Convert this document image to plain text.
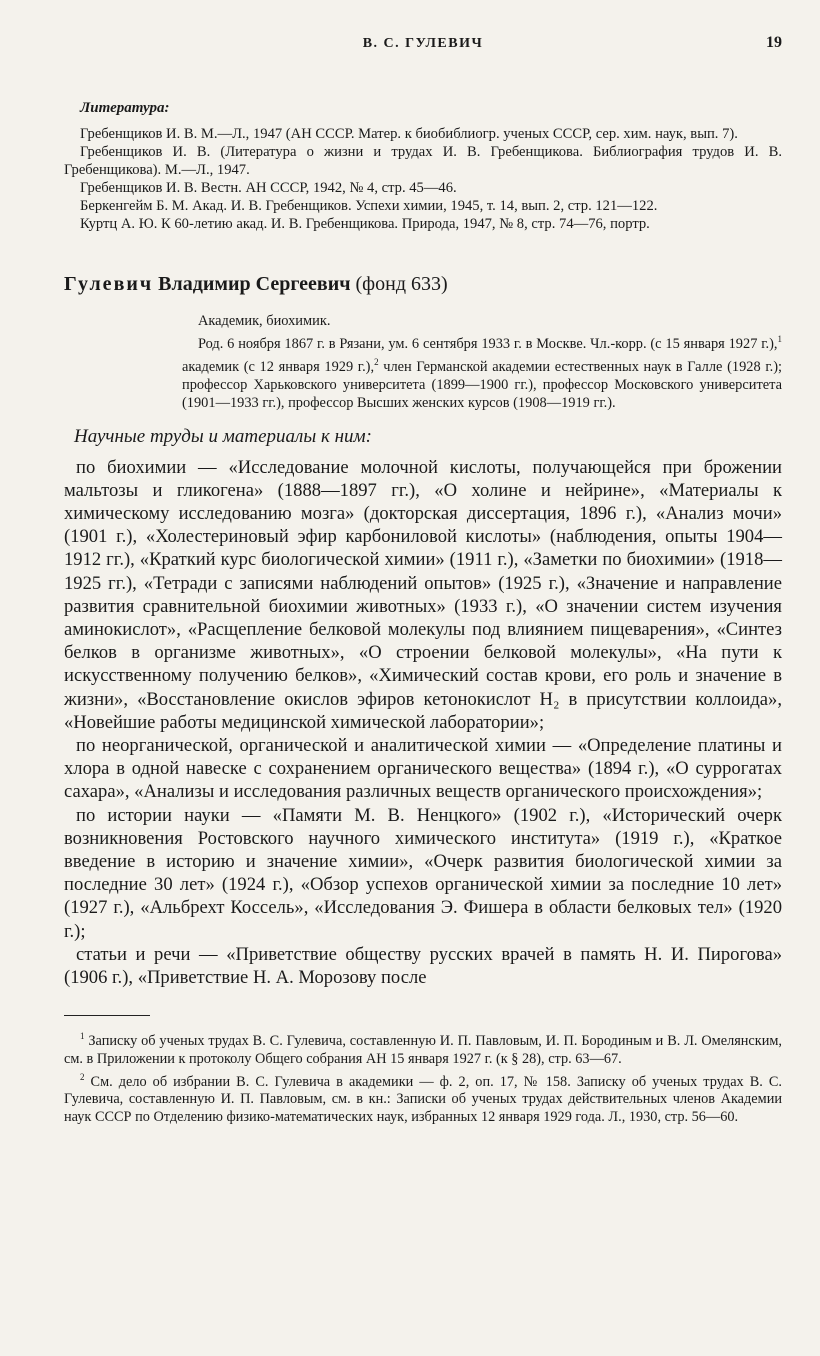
В. С. ГУЛЕВИЧ	19
Литература:
Гребенщиков И. В. М.—Л., 1947 (АН СССР. Матер. к биобиблиогр. ученых СССР, сер. хим. наук, вып. 7).
Гребенщиков И. В. (Литература о жизни и трудах И. В. Гребенщикова. Библиография трудов И. В. Гребенщикова). М.—Л., 1947.
Гребенщиков И. В. Вестн. АН СССР, 1942, № 4, стр. 45—46.
Беркенгейм Б. М. Акад. И. В. Гребенщиков. Успехи химии, 1945, т. 14, вып. 2, стр. 121—122.
Куртц А. Ю. К 60-летию акад. И. В. Гребенщикова. Природа, 1947, № 8, стр. 74—76, портр.
Гулевич Владимир Сергеевич (фонд 633)
Академик, биохимик.
Род. 6 ноября 1867 г. в Рязани, ум. 6 сентября 1933 г. в Москве. Чл.-корр. (с 15 января 1927 г.),$^1$ академик (с 12 января 1929 г.),$^2$ член Германской академии естественных наук в Галле (1928 г.); профессор Харьковского университета (1899—1900 гг.), профессор Московского университета (1901—1933 гг.), профессор Высших женских курсов (1908—1919 гг.).
Научные труды и материалы к ним:

по биохимии — «Исследование молочной кислоты, получающейся при брожении мальтозы и гликогена» (1888—1897 гг.), «О холине и нейрине», «Материалы к химическому исследованию мозга» (докторская диссертация, 1896 г.), «Анализ мочи» (1901 г.), «Холестериновый эфир карбониловой кислоты» (наблюдения, опыты 1904—1912 гг.), «Краткий курс биологической химии» (1911 г.), «Заметки по биохимии» (1918—1925 гг.), «Тетради с записями наблюдений опытов» (1925 г.), «Значение и направление развития сравнительной биохимии животных» (1933 г.), «О значении систем изучения аминокислот», «Расщепление белковой молекулы под влиянием пищеварения», «Синтез белков в организме животных», «О строении белковой молекулы», «На пути к искусственному получению белков», «Химический состав крови, его роль и значение в жизни», «Восстановление окислов эфиров кетонокислот H₂ в присутствии коллоида», «Новейшие работы медицинской химической лаборатории»;

по неорганической, органической и аналитической химии — «Определение платины и хлора в одной навеске с сохранением органического вещества» (1894 г.), «О суррогатах сахара», «Анализы и исследования различных веществ органического происхождения»;

по истории науки — «Памяти М. В. Ненцкого» (1902 г.), «Исторический очерк возникновения Ростовского научного химического института» (1919 г.), «Краткое введение в историю и значение химии», «Очерк развития биологической химии за последние 30 лет» (1924 г.), «Обзор успехов органической химии за последние 10 лет» (1927 г.), «Альбрехт Коссель», «Исследования Э. Фишера в области белковых тел» (1920 г.);

статьи и речи — «Приветствие обществу русских врачей в память Н. И. Пирогова» (1906 г.), «Приветствие Н. А. Морозову после

$^1$ Записку об ученых трудах В. С. Гулевича, составленную И. П. Павловым, И. П. Бородиным и В. Л. Омелянским, см. в Приложении к протоколу Общего собрания АН 15 января 1927 г. (к § 28), стр. 63—67.

$^2$ См. дело об избрании В. С. Гулевича в академики — ф. 2, оп. 17, № 158. Записку об ученых трудах В. С. Гулевича, составленную И. П. Павловым, см. в кн.: Записки об ученых трудах действительных членов Академии наук СССР по Отделению физико-математических наук, избранных 12 января 1929 года. Л., 1930, стр. 56—60.
